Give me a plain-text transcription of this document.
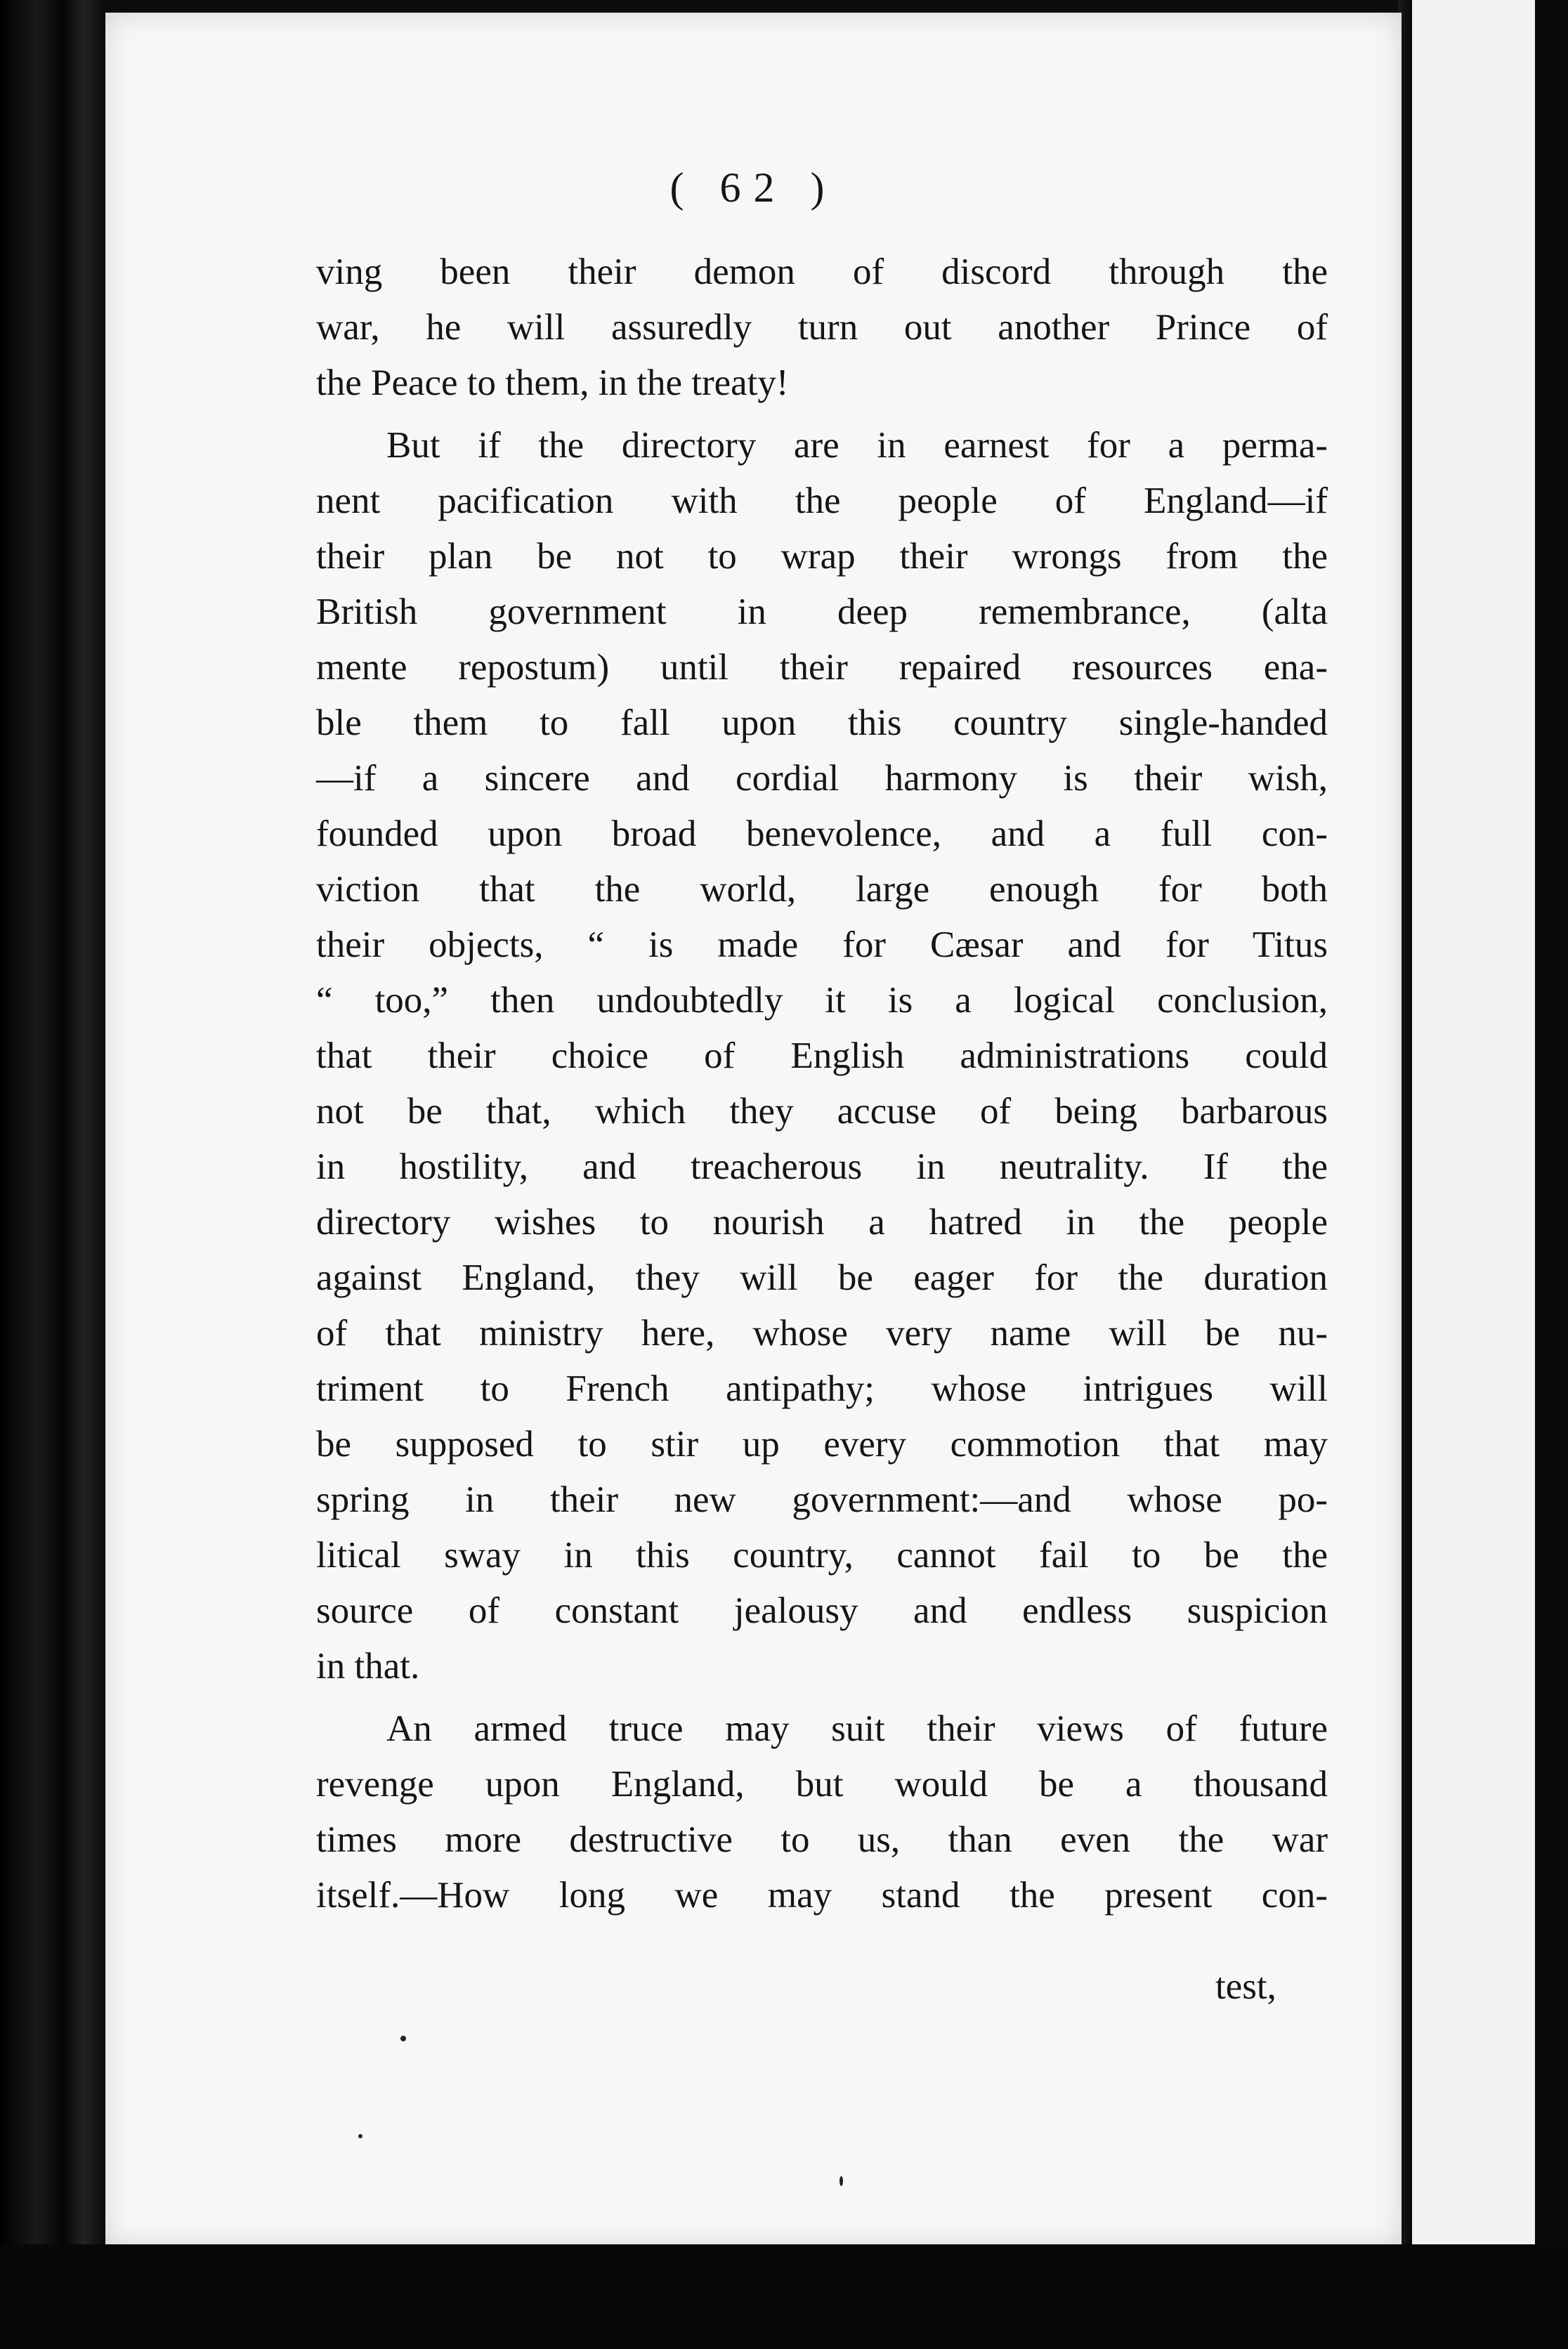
( 62 )
ving been their demon of discord through the
war, he will assuredly turn out another Prince of
the Peace to them, in the treaty!
But if the directory are in earnest for a perma-
nent pacification with the people of England—if
their plan be not to wrap their wrongs from the
British government in deep remembrance, (alta
mente repostum) until their repaired resources ena-
ble them to fall upon this country single-handed
—if a sincere and cordial harmony is their wish,
founded upon broad benevolence, and a full con-
viction that the world, large enough for both
their objects, “ is made for Cæsar and for Titus
“ too,” then undoubtedly it is a logical conclusion,
that their choice of English administrations could
not be that, which they accuse of being barbarous
in hostility, and treacherous in neutrality. If the
directory wishes to nourish a hatred in the people
against England, they will be eager for the duration
of that ministry here, whose very name will be nu-
triment to French antipathy; whose intrigues will
be supposed to stir up every commotion that may
spring in their new government:—and whose po-
litical sway in this country, cannot fail to be the
source of constant jealousy and endless suspicion
in that.
An armed truce may suit their views of future
revenge upon England, but would be a thousand
times more destructive to us, than even the war
itself.—How long we may stand the present con-
test,
